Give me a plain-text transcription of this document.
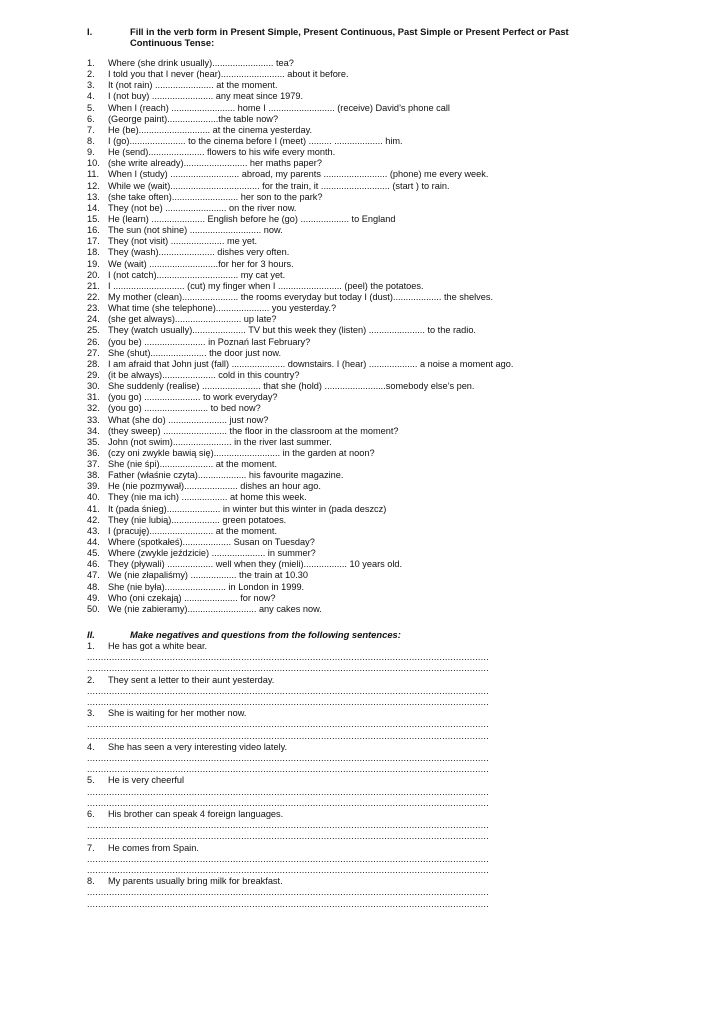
I.	Fill in the verb form in Present Simple, Present Continuous, Past Simple or Present Perfect or Past Continuous Tense:
1. Where (she drink usually)........................ tea?
2. I told you that I never (hear)......................... about it before.
3. It (not rain) ....................... at the moment.
4. I (not buy) ........................ any meat since 1979.
5. When I (reach) ......................... home I .......................... (receive) David’s phone call
6. (George paint)....................the table now?
7. He (be)............................ at the cinema yesterday.
8. I (go)...................... to the cinema before I (meet) ......... ................... him.
9. He (send)...................... flowers to his wife every month.
10. (she write already)......................... her maths paper?
11. When I (study) ........................... abroad, my parents ......................... (phone) me every week.
12. While we (wait)................................... for the train, it ........................... (start ) to rain.
13. (she take often).......................... her son to the park?
14. They (not be) ........................ on the river now.
15. He (learn) ..................... English before he (go) ................... to England
16. The sun (not shine) ............................ now.
17. They (not visit) ..................... me yet.
18. They (wash)...................... dishes very often.
19. We (wait) ...........................for her for 3 hours.
20. I (not catch)................................ my cat yet.
21. I ............................ (cut) my finger when I ......................... (peel) the potatoes.
22. My mother (clean)...................... the rooms everyday but today I (dust)................... the shelves.
23. What time (she telephone)..................... you yesterday.?
24. (she get always).......................... up late?
25. They (watch usually)..................... TV but this week they (listen) ...................... to the radio.
26. (you be) ........................ in Poznań last February?
27. She (shut)...................... the door just now.
28. I am afraid that John just (fall) ..................... downstairs. I (hear) ................... a noise a moment ago.
29. (it be always)..................... cold in this country?
30. She suddenly (realise) ....................... that she (hold) ........................somebody else’s pen.
31. (you go) ...................... to work everyday?
32. (you go) ......................... to bed now?
33. What (she do) ....................... just now?
34. (they sweep) ......................... the floor in the classroom at the moment?
35. John (not swim)....................... in the river last summer.
36. (czy oni zwykle bawią się).......................... in the garden at noon?
37. She (nie śpi)..................... at the moment.
38. Father (właśnie czyta)................... his favourite magazine.
39. He (nie pozmywał)..................... dishes an hour ago.
40. They (nie ma ich) .................. at home this week.
41. It (pada śnieg)..................... in winter but this winter in (pada deszcz)
42. They (nie lubią)................... green potatoes.
43. I (pracuję)......................... at the moment.
44. Where (spotkałeś)................... Susan on Tuesday?
45. Where (zwykle jeździcie) ..................... in summer?
46. They (pływali) .................. well when they (mieli)................. 10 years old.
47. We (nie złapaliśmy) .................. the train at 10.30
48. She (nie była)........................ in London in 1999.
49. Who (oni czekają) ..................... for now?
50. We (nie zabieramy)........................... any cakes now.
II.	Make negatives and questions from the following sentences:
1. He has got a white bear.
..................................................................................................................................................
..................................................................................................................................................
2. They sent a letter to their aunt yesterday.
..................................................................................................................................................
..................................................................................................................................................
3. She is waiting for her mother now.
..................................................................................................................................................
..................................................................................................................................................
4. She has seen a very interesting video lately.
..................................................................................................................................................
..................................................................................................................................................
5. He is very cheerful
..................................................................................................................................................
..................................................................................................................................................
6. His brother can speak 4 foreign languages.
..................................................................................................................................................
..................................................................................................................................................
7. He comes from Spain.
..................................................................................................................................................
..................................................................................................................................................
8. My parents usually bring milk for breakfast.
..................................................................................................................................................
..................................................................................................................................................
